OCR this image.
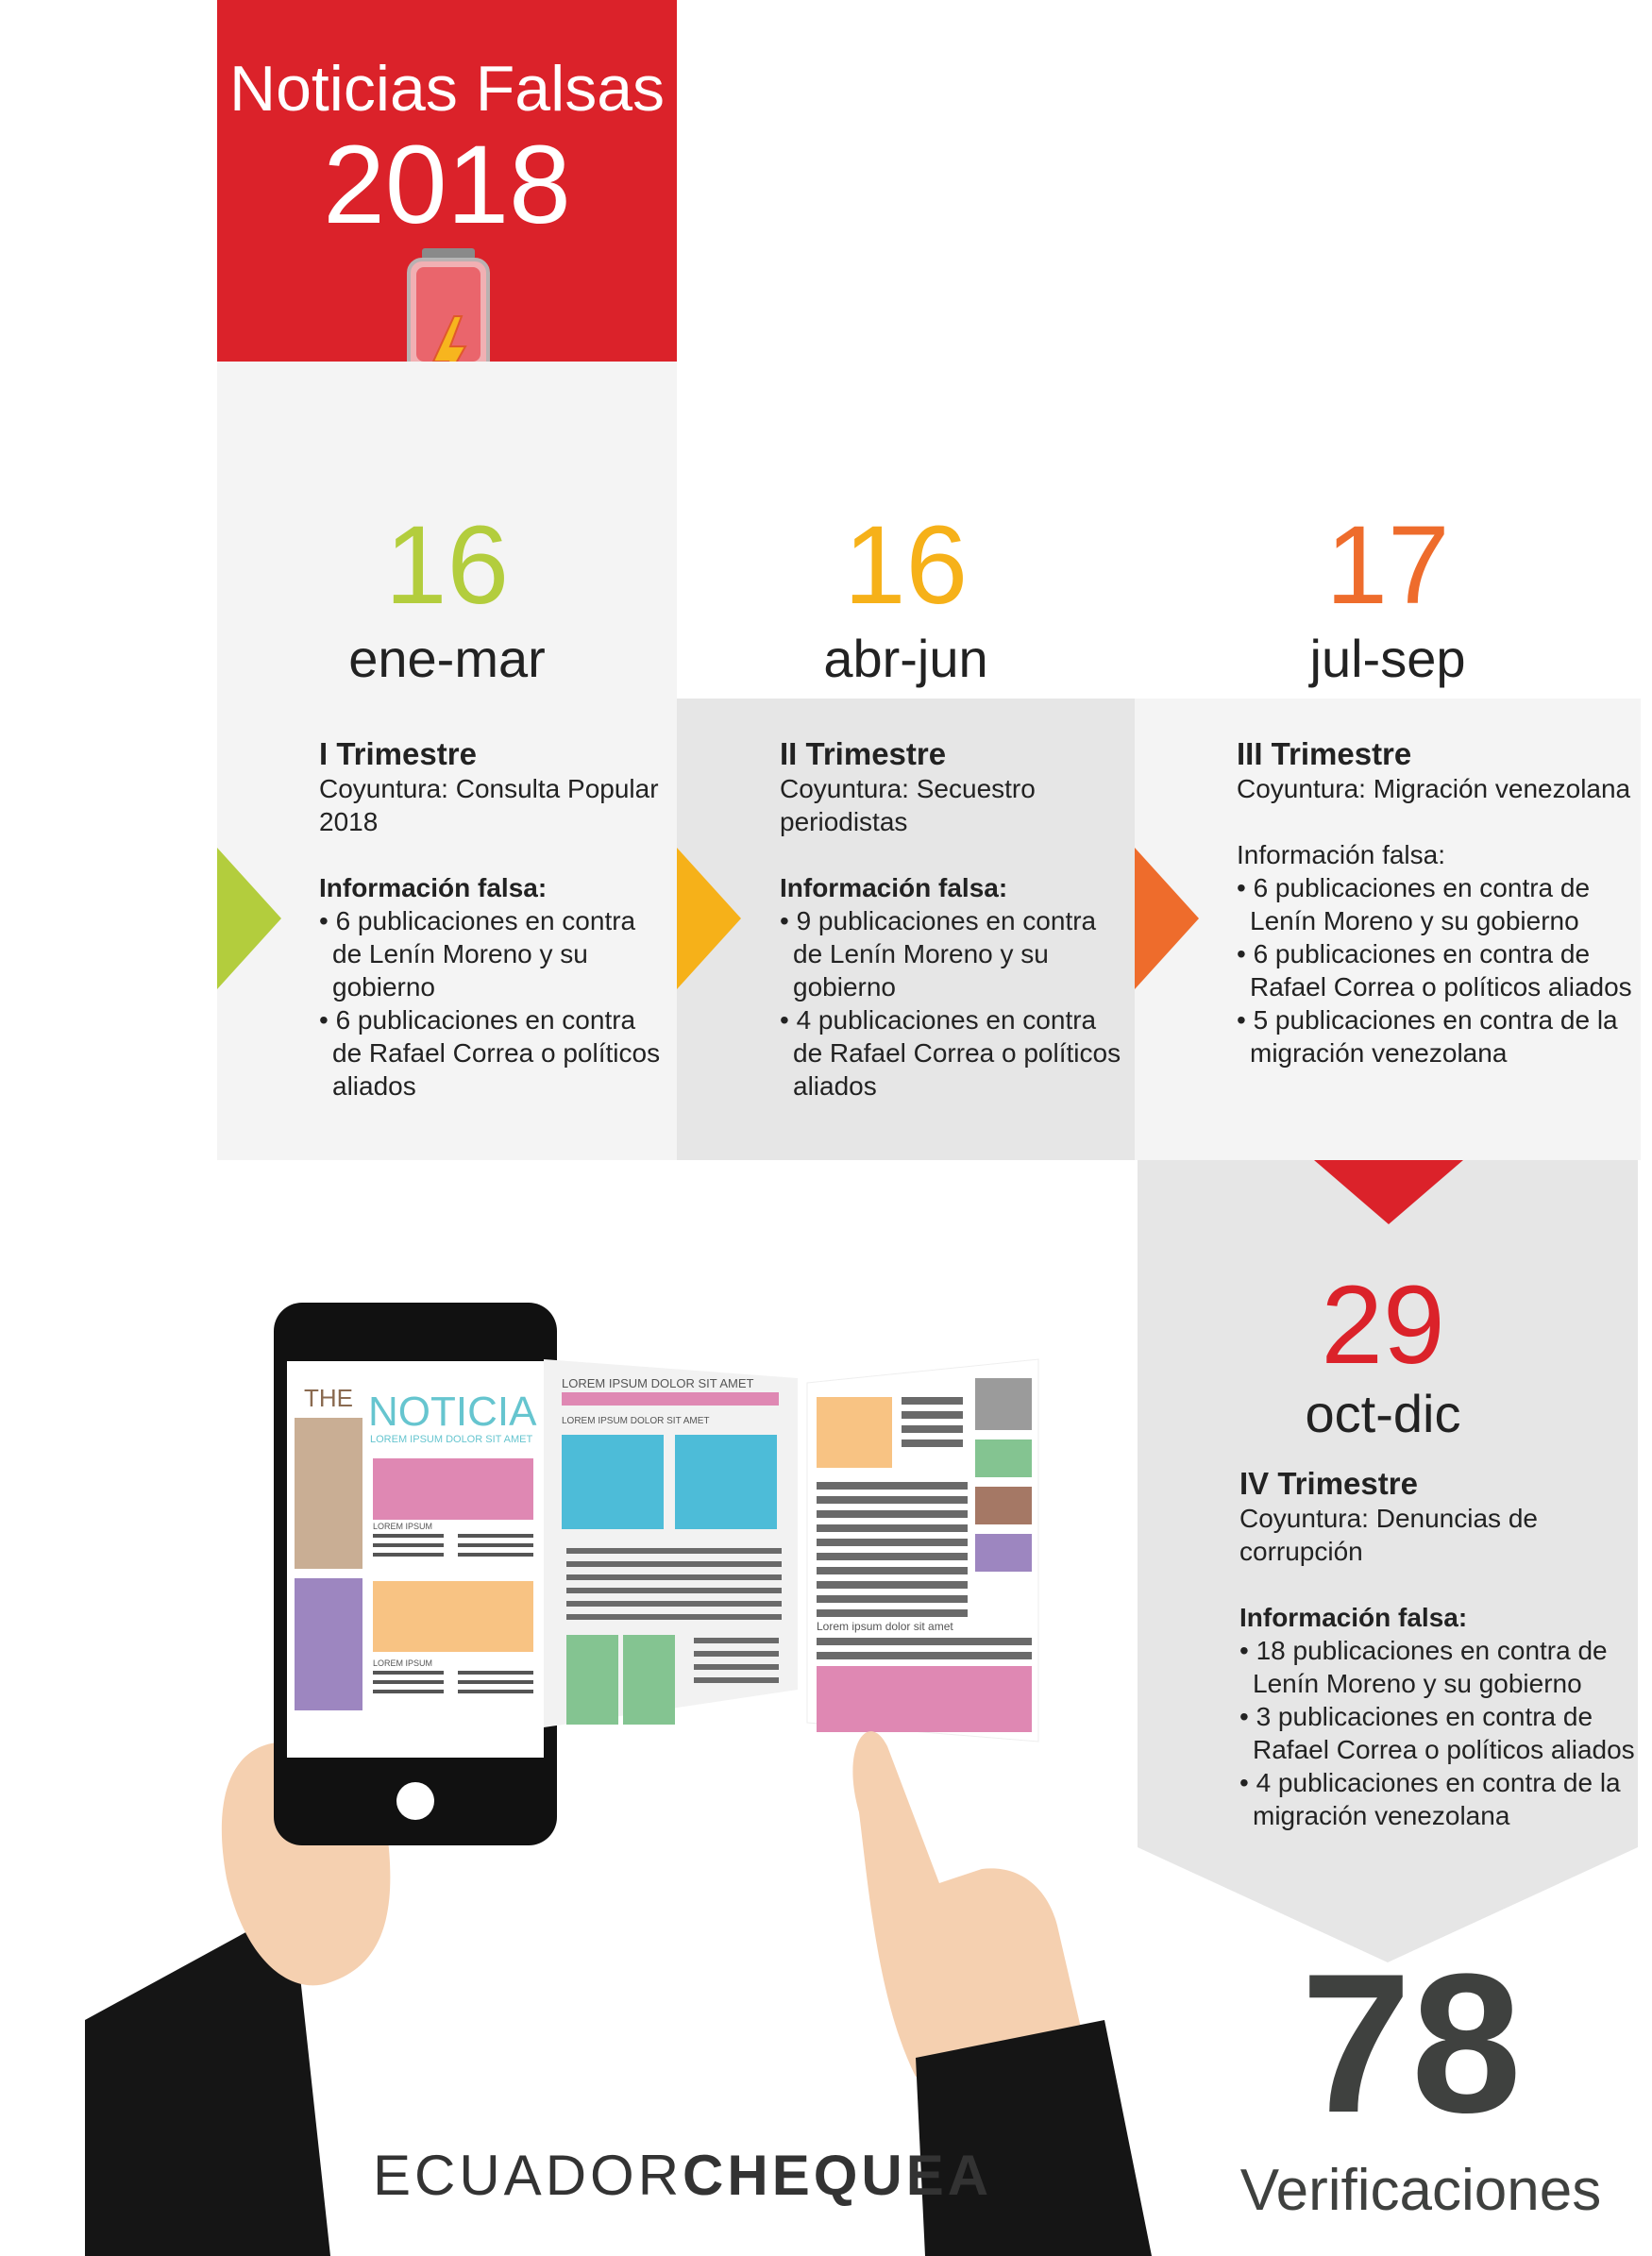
Noticias Falsas
2018
16	16	17
29
ene-mar	abr-jun	jul-sep
oct-dic
I Trimestre
Coyuntura: Consulta Popular 2018
Información falsa:
• 6 publicaciones en contra de Lenín Moreno y su gobierno
• 6 publicaciones en contra de Rafael Correa o políticos aliados
II Trimestre
Coyuntura: Secuestro periodistas
Información falsa:
• 9 publicaciones en contra de Lenín Moreno y su gobierno
• 4 publicaciones en contra de Rafael Correa o políticos aliados
III Trimestre
Coyuntura: Migración venezolana
Información falsa:
• 6 publicaciones en contra de Lenín Moreno y su gobierno
• 6 publicaciones en contra de Rafael Correa o políticos aliados
• 5 publicaciones en contra de la migración venezolana
IV Trimestre
Coyuntura: Denuncias de corrupción
Información falsa:
• 18 publicaciones en contra de Lenín Moreno y su gobierno
• 3 publicaciones en contra de Rafael Correa o políticos aliados
• 4 publicaciones en contra de la migración venezolana
78
Verificaciones
THE NOTICIA
LOREM IPSUM DOLOR SIT AMET
LOREM IPSUM
LOREM IPSUM
LOREM IPSUM DOLOR SIT AMET
LOREM IPSUM DOLOR SIT AMET
Lorem ipsum dolor sit amet
ECUADORCHEQUEA
